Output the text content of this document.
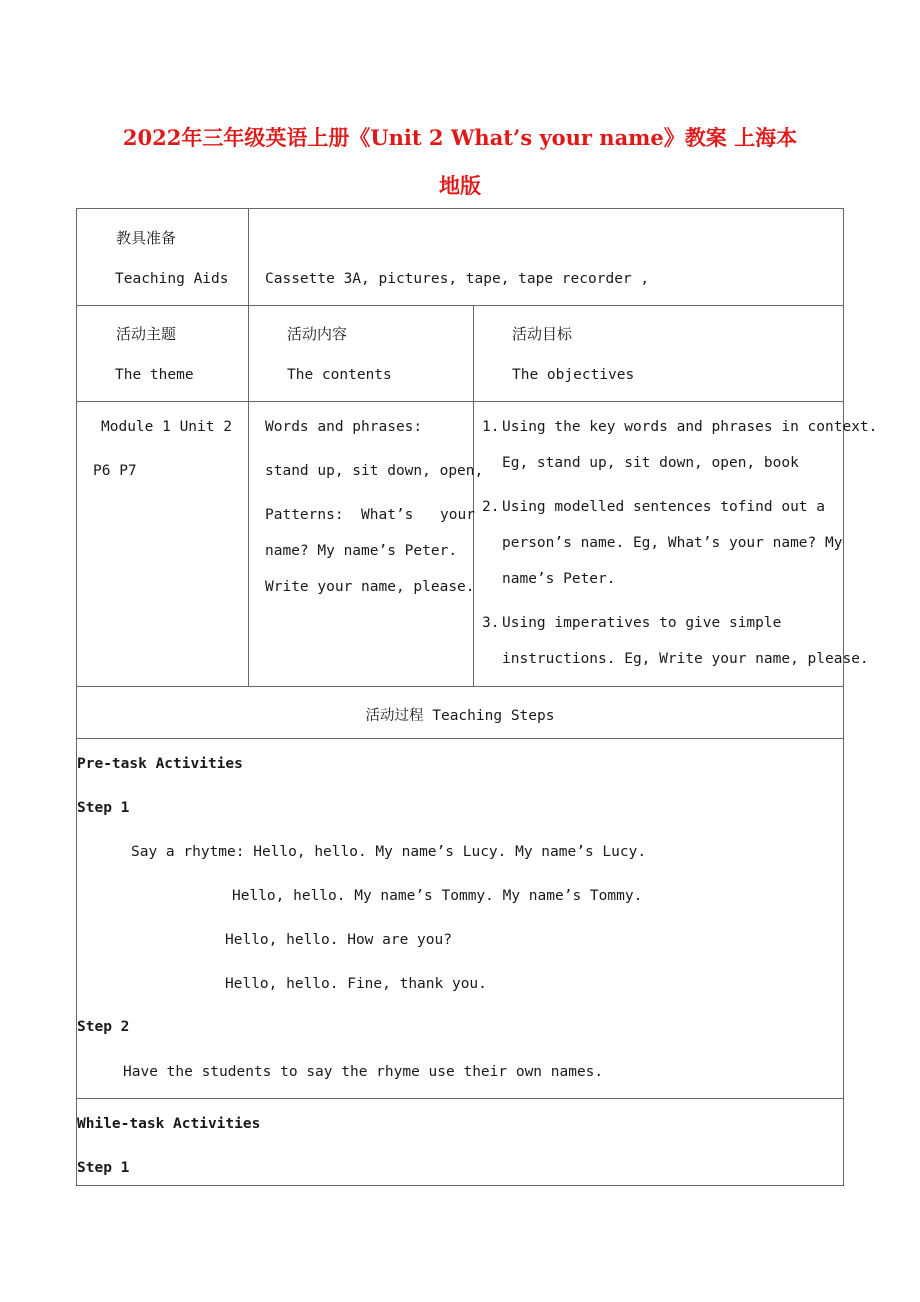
2022年三年级英语上册《Unit 2 What’s your name》教案 上海本
地版
教具准备
Teaching Aids	Cassette 3A, pictures, tape, tape recorder ,
活动主题
The theme
活动内容
The contents
活动目标
The objectives
Module 1 Unit 2
P6 P7
Words and phrases:
stand up, sit down, open,
Patterns: What’s your
name? My name’s Peter.
Write your name, please.
1. Using the key words and phrases in context.
Eg, stand up, sit down, open, book
2. Using modelled sentences tofind out a
person’s name. Eg, What’s your name? My
name’s Peter.
3. Using imperatives to give simple
instructions. Eg, Write your name, please.
活动过程 Teaching Steps
Pre-task Activities
Step 1
Say a rhytme: Hello, hello. My name’s Lucy. My name’s Lucy.
Hello, hello. My name’s Tommy. My name’s Tommy.
Hello, hello. How are you?
Hello, hello. Fine, thank you.
Step 2
Have the students to say the rhyme use their own names.
While-task Activities
Step 1
